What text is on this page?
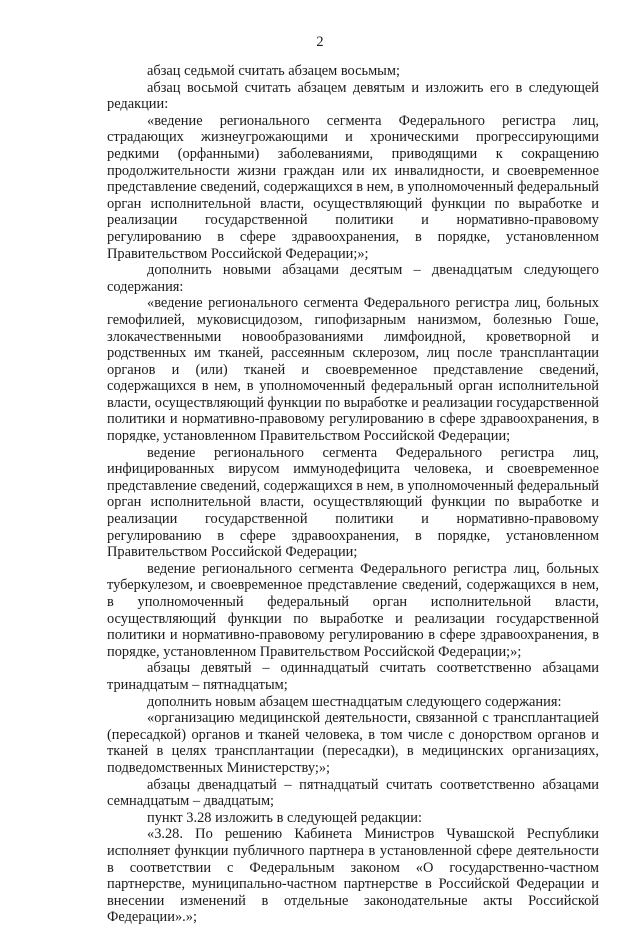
2

абзац седьмой считать абзацем восьмым;

абзац восьмой считать абзацем девятым и изложить его в следующей редакции:

«ведение регионального сегмента Федерального регистра лиц, страдающих жизнеугрожающими и хроническими прогрессирующими редкими (орфанными) заболеваниями, приводящими к сокращению продолжительности жизни граждан или их инвалидности, и своевременное представление сведений, содержащихся в нем, в уполномоченный федеральный орган исполнительной власти, осуществляющий функции по выработке и реализации государственной политики и нормативно-правовому регулированию в сфере здравоохранения, в порядке, установленном Правительством Российской Федерации;»;

дополнить новыми абзацами десятым – двенадцатым следующего содержания:

«ведение регионального сегмента Федерального регистра лиц, больных гемофилией, муковисцидозом, гипофизарным нанизмом, болезнью Гоше, злокачественными новообразованиями лимфоидной, кроветворной и родственных им тканей, рассеянным склерозом, лиц после трансплантации органов и (или) тканей и своевременное представление сведений, содержащихся в нем, в уполномоченный федеральный орган исполнительной власти, осуществляющий функции по выработке и реализации государственной политики и нормативно-правовому регулированию в сфере здравоохранения, в порядке, установленном Правительством Российской Федерации;

ведение регионального сегмента Федерального регистра лиц, инфицированных вирусом иммунодефицита человека, и своевременное представление сведений, содержащихся в нем, в уполномоченный федеральный орган исполнительной власти, осуществляющий функции по выработке и реализации государственной политики и нормативно-правовому регулированию в сфере здравоохранения, в порядке, установленном Правительством Российской Федерации;

ведение регионального сегмента Федерального регистра лиц, больных туберкулезом, и своевременное представление сведений, содержащихся в нем, в уполномоченный федеральный орган исполнительной власти, осуществляющий функции по выработке и реализации государственной политики и нормативно-правовому регулированию в сфере здравоохранения, в порядке, установленном Правительством Российской Федерации;»;

абзацы девятый – одиннадцатый считать соответственно абзацами тринадцатым – пятнадцатым;

дополнить новым абзацем шестнадцатым следующего содержания:

«организацию медицинской деятельности, связанной с трансплантацией (пересадкой) органов и тканей человека, в том числе с донорством органов и тканей в целях трансплантации (пересадки), в медицинских организациях, подведомственных Министерству;»;

абзацы двенадцатый – пятнадцатый считать соответственно абзацами семнадцатым – двадцатым;

пункт 3.28 изложить в следующей редакции:

«3.28. По решению Кабинета Министров Чувашской Республики исполняет функции публичного партнера в установленной сфере деятельности в соответствии с Федеральным законом «О государственно-частном партнерстве, муниципально-частном партнерстве в Российской Федерации и внесении изменений в отдельные законодательные акты Российской Федерации».»;
